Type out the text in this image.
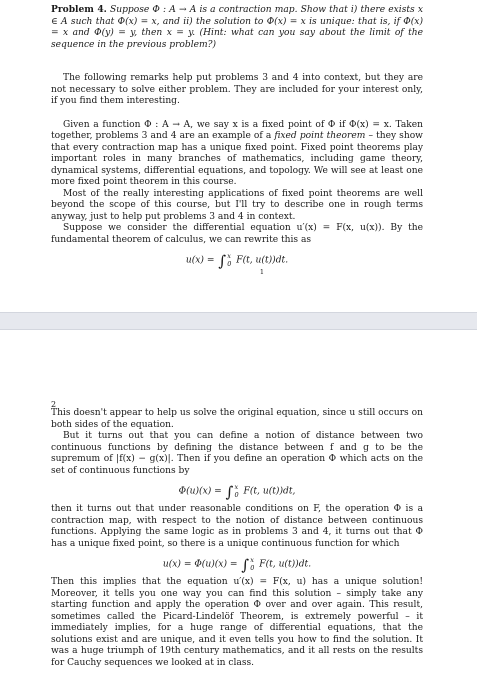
Problem 4. Suppose Φ : A → A is a contraction map. Show that i) there exists x ∈ A such that Φ(x) = x, and ii) the solution to Φ(x) = x is unique: that is, if Φ(x) = x and Φ(y) = y, then x = y. (Hint: what can you say about the limit of the sequence in the previous problem?)

The following remarks help put problems 3 and 4 into context, but they are not necessary to solve either problem. They are included for your interest only, if you find them interesting.

Given a function Φ : A → A, we say x is a fixed point of Φ if Φ(x) = x. Taken together, problems 3 and 4 are an example of a fixed point theorem – they show that every contraction map has a unique fixed point. Fixed point theorems play important roles in many branches of mathematics, including game theory, dynamical systems, differential equations, and topology. We will see at least one more fixed point theorem in this course.

Most of the really interesting applications of fixed point theorems are well beyond the scope of this course, but I'll try to describe one in rough terms anyway, just to help put problems 3 and 4 in context.

Suppose we consider the differential equation u′(x) = F(x, u(x)). By the fundamental theorem of calculus, we can rewrite this as

u(x) = ∫ x
0 F(t, u(t))dt.
1
2

This doesn't appear to help us solve the original equation, since u still occurs on both sides of the equation.

But it turns out that you can define a notion of distance between two continuous functions by defining the distance between f and g to be the supremum of |f(x) − g(x)|. Then if you define an operation Φ which acts on the set of continuous functions by

Φ(u)(x) = ∫ x
0 F(t, u(t))dt,

then it turns out that under reasonable conditions on F, the operation Φ is a contraction map, with respect to the notion of distance between continuous functions. Applying the same logic as in problems 3 and 4, it turns out that Φ has a unique fixed point, so there is a unique continuous function for which

u(x) = Φ(u)(x) = ∫ x
0 F(t, u(t))dt.

Then this implies that the equation u′(x) = F(x, u) has a unique solution! Moreover, it tells you one way you can find this solution – simply take any starting function and apply the operation Φ over and over again. This result, sometimes called the Picard-Lindelöf Theorem, is extremely powerful – it immediately implies, for a huge range of differential equations, that the solutions exist and are unique, and it even tells you how to find the solution. It was a huge triumph of 19th century mathematics, and it all rests on the results for Cauchy sequences we looked at in class.
